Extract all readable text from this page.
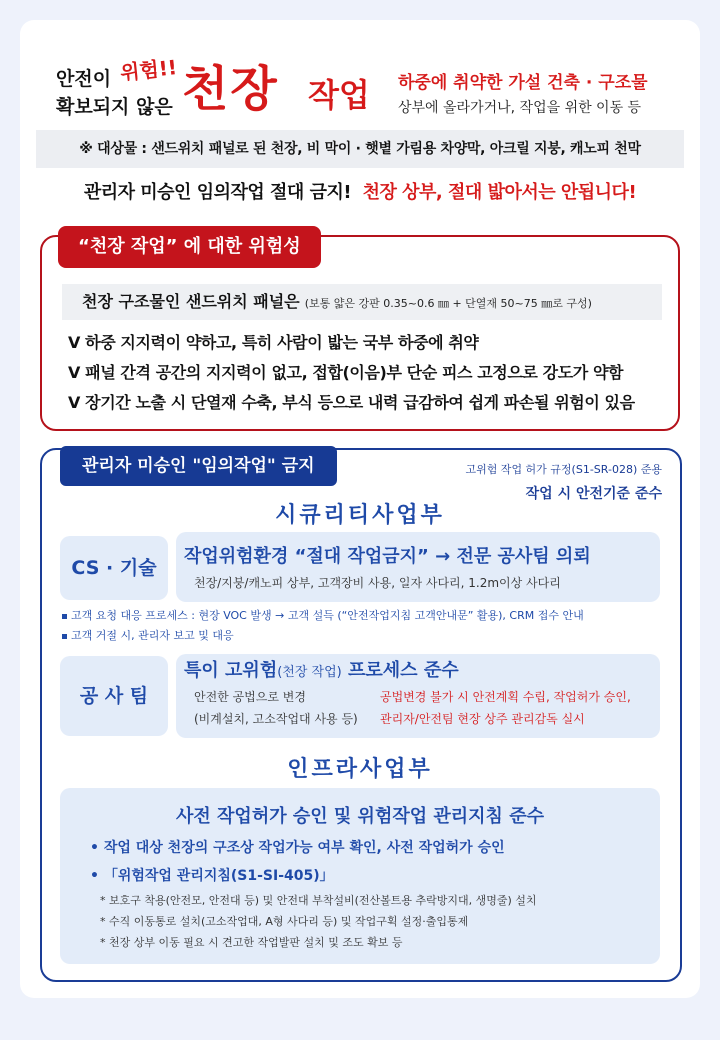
안전이
확보되지 않은
위험!! 천장 작업 하중에 취약한 가설 건축 · 구조물
상부에 올라가거나, 작업을 위한 이동 등
※ 대상물 : 샌드위치 패널로 된 천장, 비 막이 · 햇볕 가림용 차양막, 아크릴 지붕, 캐노피 천막
관리자 미승인 임의작업 절대 금지! 천장 상부, 절대 밟아서는 안됩니다!
“천장 작업” 에 대한 위험성
천장 구조물인 샌드위치 패널은 (보통 얇은 강판 0.35~0.6 ㎜ + 단열재 50~75 ㎜로 구성)
V 하중 지지력이 약하고, 특히 사람이 밟는 국부 하중에 취약
V 패널 간격 공간의 지지력이 없고, 접합(이음)부 단순 피스 고정으로 강도가 약함
V 장기간 노출 시 단열재 수축, 부식 등으로 내력 급감하여 쉽게 파손될 위험이 있음
관리자 미승인 "임의작업" 금지	고위험 작업 허가 규정(S1-SR-028) 준용
작업 시 안전기준 준수
시큐리티사업부
CS · 기술
작업위험환경 “절대 작업금지” → 전문 공사팀 의뢰
천장/지붕/캐노피 상부, 고객장비 사용, 일자 사다리, 1.2m이상 사다리
고객 요청 대응 프로세스 : 현장 VOC 발생 → 고객 설득 (“안전작업지침 고객안내문” 활용), CRM 접수 안내
고객 거절 시, 관리자 보고 및 대응
공 사 팀
특이 고위험(천장 작업) 프로세스 준수
안전한 공법으로 변경
(비계설치, 고소작업대 사용 등)
공법변경 불가 시 안전계획 수립, 작업허가 승인,
관리자/안전팀 현장 상주 관리감독 실시
인프라사업부
사전 작업허가 승인 및 위험작업 관리지침 준수
• 작업 대상 천장의 구조상 작업가능 여부 확인, 사전 작업허가 승인
• 「위험작업 관리지침(S1-SI-405)」
* 보호구 착용(안전모, 안전대 등) 및 안전대 부착설비(전산볼트용 추락방지대, 생명줄) 설치
* 수직 이동통로 설치(고소작업대, A형 사다리 등) 및 작업구획 설정·출입통제
* 천장 상부 이동 필요 시 견고한 작업발판 설치 및 조도 확보 등
